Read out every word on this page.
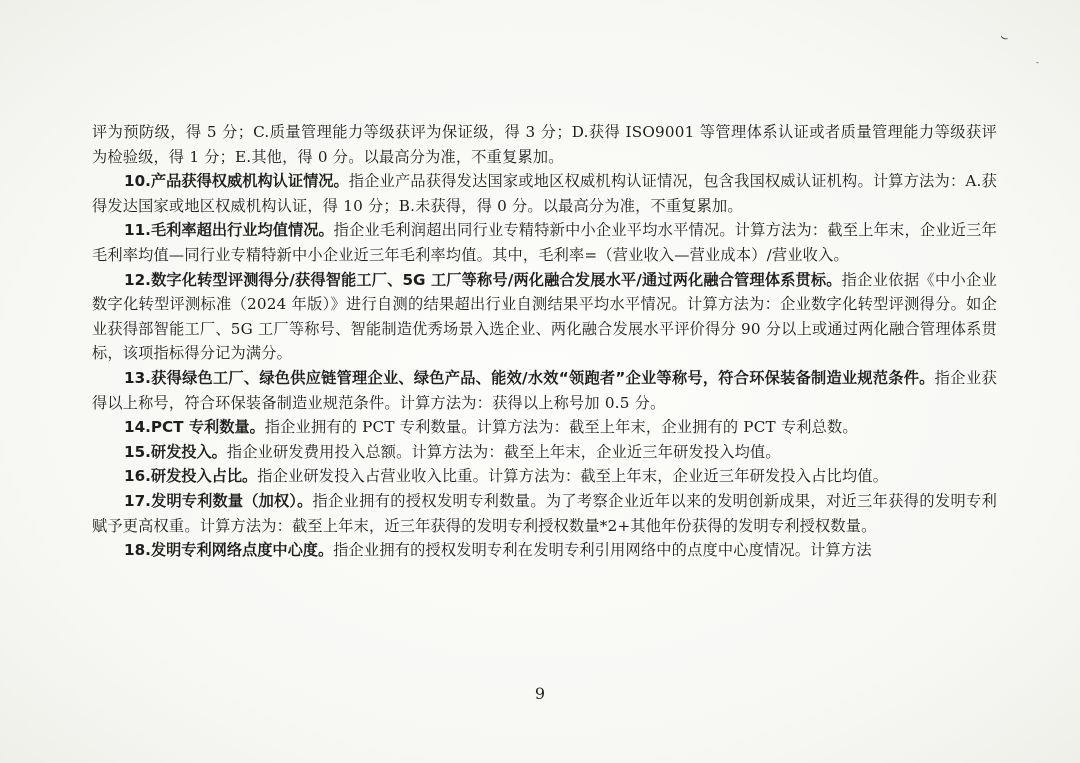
⌣
-

评为预防级，得 5 分；C.质量管理能力等级获评为保证级，得 3 分；D.获得 ISO9001 等管理体系认证或者质量管理能力等级获评为检验级，得 1 分；E.其他，得 0 分。以最高分为准，不重复累加。

10.产品获得权威机构认证情况。指企业产品获得发达国家或地区权威机构认证情况，包含我国权威认证机构。计算方法为：A.获得发达国家或地区权威机构认证，得 10 分；B.未获得，得 0 分。以最高分为准，不重复累加。

11.毛利率超出行业均值情况。指企业毛利润超出同行业专精特新中小企业平均水平情况。计算方法为：截至上年末，企业近三年毛利率均值—同行业专精特新中小企业近三年毛利率均值。其中，毛利率=（营业收入—营业成本）/营业收入。

12.数字化转型评测得分/获得智能工厂、5G 工厂等称号/两化融合发展水平/通过两化融合管理体系贯标。指企业依据《中小企业数字化转型评测标准（2024 年版）》进行自测的结果超出行业自测结果平均水平情况。计算方法为：企业数字化转型评测得分。如企业获得部智能工厂、5G 工厂等称号、智能制造优秀场景入选企业、两化融合发展水平评价得分 90 分以上或通过两化融合管理体系贯标，该项指标得分记为满分。

13.获得绿色工厂、绿色供应链管理企业、绿色产品、能效/水效“领跑者”企业等称号，符合环保装备制造业规范条件。指企业获得以上称号，符合环保装备制造业规范条件。计算方法为：获得以上称号加 0.5 分。

14.PCT 专利数量。指企业拥有的 PCT 专利数量。计算方法为：截至上年末，企业拥有的 PCT 专利总数。

15.研发投入。指企业研发费用投入总额。计算方法为：截至上年末，企业近三年研发投入均值。

16.研发投入占比。指企业研发投入占营业收入比重。计算方法为：截至上年末，企业近三年研发投入占比均值。

17.发明专利数量（加权）。指企业拥有的授权发明专利数量。为了考察企业近年以来的发明创新成果，对近三年获得的发明专利赋予更高权重。计算方法为：截至上年末，近三年获得的发明专利授权数量*2+其他年份获得的发明专利授权数量。

18.发明专利网络点度中心度。指企业拥有的授权发明专利在发明专利引用网络中的点度中心度情况。计算方法

9
